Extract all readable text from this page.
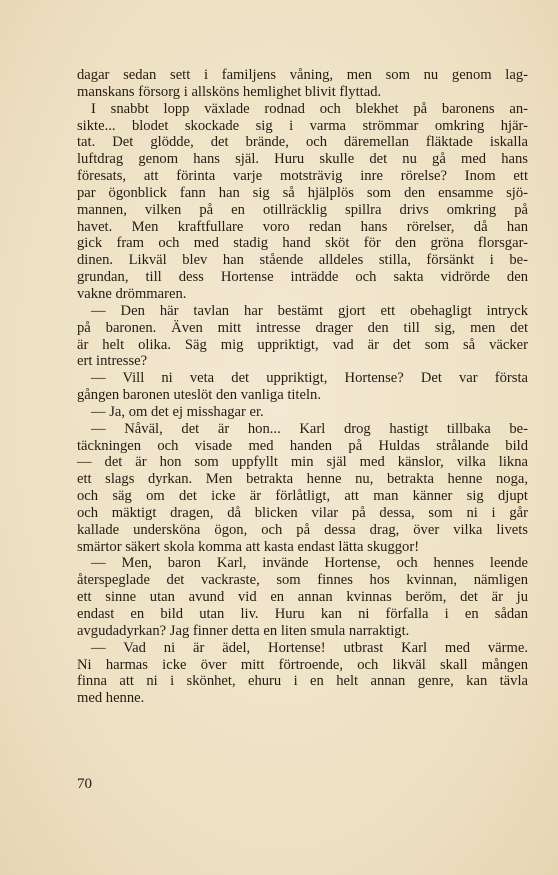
dagar sedan sett i familjens våning, men som nu genom lag-
manskans försorg i allsköns hemlighet blivit flyttad.
I snabbt lopp växlade rodnad och blekhet på baronens an-
sikte... blodet skockade sig i varma strömmar omkring hjär-
tat. Det glödde, det brände, och däremellan fläktade iskalla
luftdrag genom hans själ. Huru skulle det nu gå med hans
föresats, att förinta varje motsträvig inre rörelse? Inom ett
par ögonblick fann han sig så hjälplös som den ensamme sjö-
mannen, vilken på en otillräcklig spillra drivs omkring på
havet. Men kraftfullare voro redan hans rörelser, då han
gick fram och med stadig hand sköt för den gröna florsgar-
dinen. Likväl blev han stående alldeles stilla, försänkt i be-
grundan, till dess Hortense inträdde och sakta vidrörde den
vakne drömmaren.
— Den här tavlan har bestämt gjort ett obehagligt intryck
på baronen. Även mitt intresse drager den till sig, men det
är helt olika. Säg mig uppriktigt, vad är det som så väcker
ert intresse?
— Vill ni veta det uppriktigt, Hortense? Det var första
gången baronen uteslöt den vanliga titeln.
— Ja, om det ej misshagar er.
— Nåväl, det är hon... Karl drog hastigt tillbaka be-
täckningen och visade med handen på Huldas strålande bild
— det är hon som uppfyllt min själ med känslor, vilka likna
ett slags dyrkan. Men betrakta henne nu, betrakta henne noga,
och säg om det icke är förlåtligt, att man känner sig djupt
och mäktigt dragen, då blicken vilar på dessa, som ni i går
kallade undersköna ögon, och på dessa drag, över vilka livets
smärtor säkert skola komma att kasta endast lätta skuggor!
— Men, baron Karl, invände Hortense, och hennes leende
återspeglade det vackraste, som finnes hos kvinnan, nämligen
ett sinne utan avund vid en annan kvinnas beröm, det är ju
endast en bild utan liv. Huru kan ni förfalla i en sådan
avgudadyrkan? Jag finner detta en liten smula narraktigt.
— Vad ni är ädel, Hortense! utbrast Karl med värme.
Ni harmas icke över mitt förtroende, och likväl skall mången
finna att ni i skönhet, ehuru i en helt annan genre, kan tävla
med henne.
70
